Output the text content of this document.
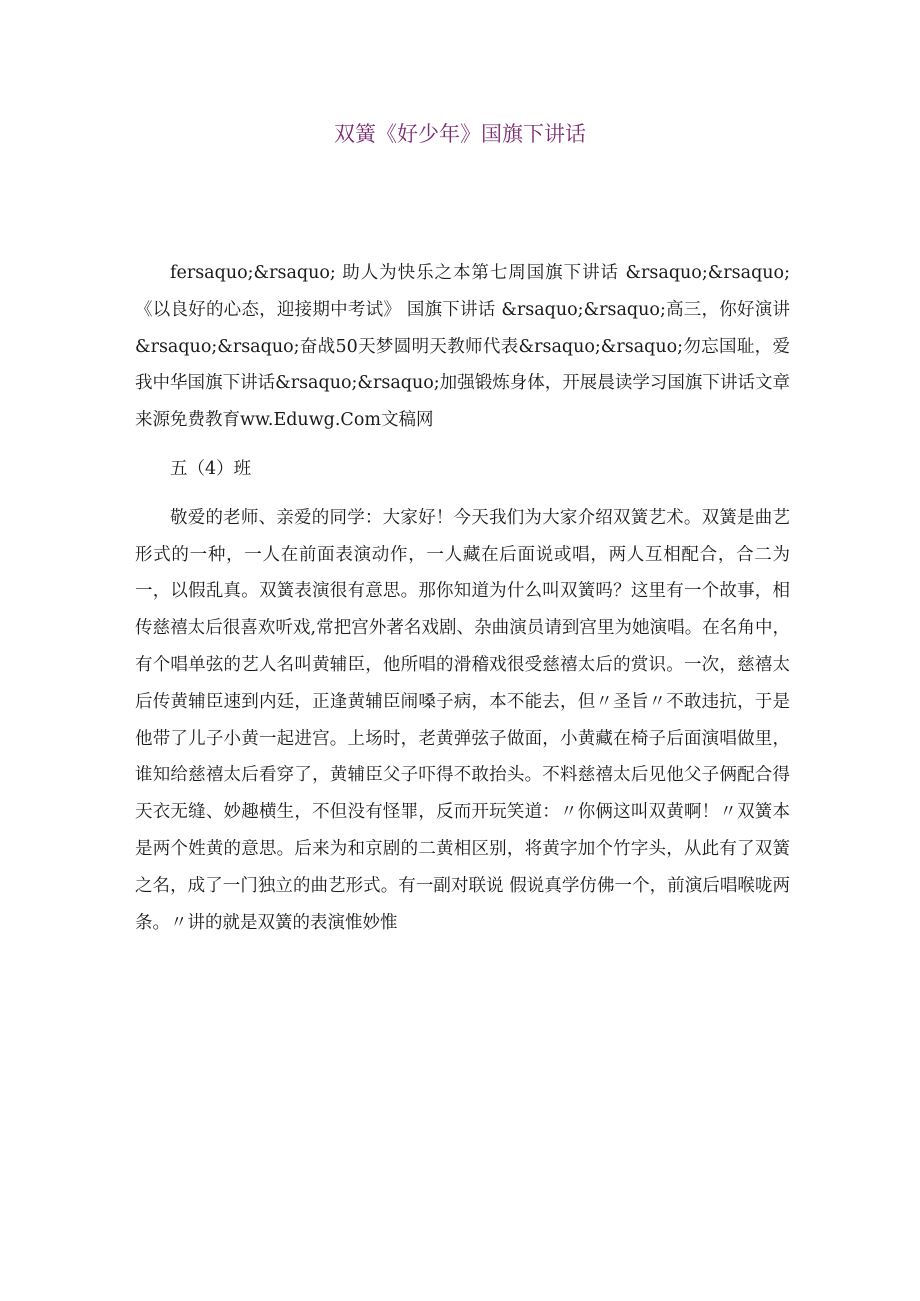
双簧《好少年》国旗下讲话

fersaquo;&rsaquo; 助人为快乐之本第七周国旗下讲话 &rsaquo;&rsaquo; 《以良好的心态，迎接期中考试》 国旗下讲话 &rsaquo;&rsaquo;高三，你好演讲&rsaquo;&rsaquo;奋战50天梦圆明天教师代表&rsaquo;&rsaquo;勿忘国耻，爱我中华国旗下讲话&rsaquo;&rsaquo;加强锻炼身体，开展晨读学习国旗下讲话文章来源免费教育ww.Eduwg.Com文稿网

五（4）班

敬爱的老师、亲爱的同学：大家好！今天我们为大家介绍双簧艺术。双簧是曲艺形式的一种，一人在前面表演动作，一人藏在后面说或唱，两人互相配合，合二为一，以假乱真。双簧表演很有意思。那你知道为什么叫双簧吗？这里有一个故事，相传慈禧太后很喜欢听戏,常把宫外著名戏剧、杂曲演员请到宫里为她演唱。在名角中，有个唱单弦的艺人名叫黄辅臣，他所唱的滑稽戏很受慈禧太后的赏识。一次，慈禧太后传黄辅臣速到内廷，正逢黄辅臣闹嗓子病，本不能去，但〃圣旨〃不敢违抗，于是他带了儿子小黄一起进宫。上场时，老黄弹弦子做面，小黄藏在椅子后面演唱做里，谁知给慈禧太后看穿了，黄辅臣父子吓得不敢抬头。不料慈禧太后见他父子俩配合得天衣无缝、妙趣横生，不但没有怪罪，反而开玩笑道：〃你俩这叫双黄啊！〃双簧本是两个姓黄的意思。后来为和京剧的二黄相区别，将黄字加个竹字头，从此有了双簧之名，成了一门独立的曲艺形式。有一副对联说 假说真学仿佛一个，前演后唱喉咙两条。〃讲的就是双簧的表演惟妙惟
